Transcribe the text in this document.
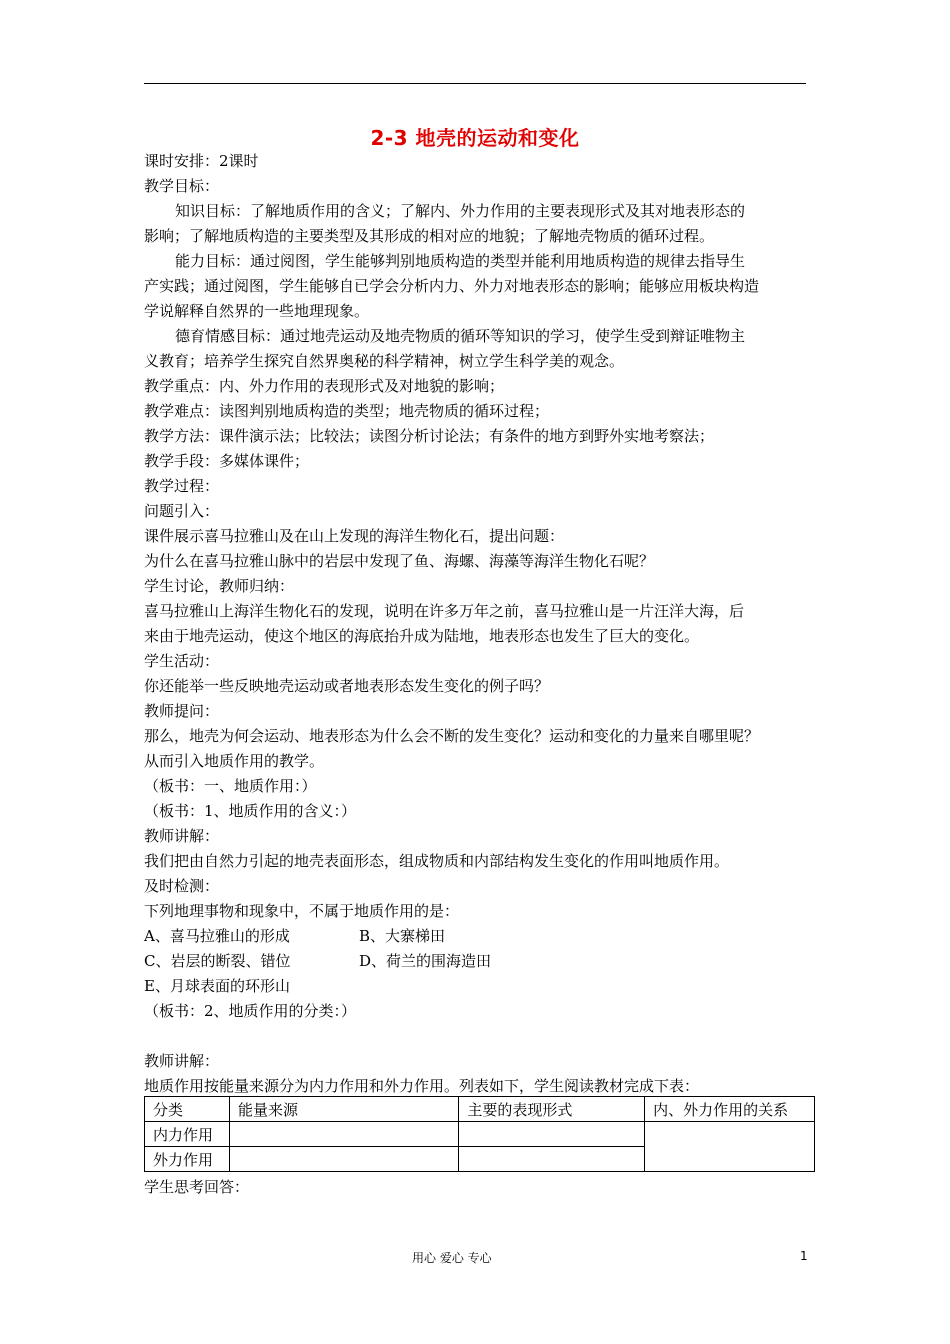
2-3 地壳的运动和变化

课时安排：2课时

教学目标：

知识目标：了解地质作用的含义；了解内、外力作用的主要表现形式及其对地表形态的

影响；了解地质构造的主要类型及其形成的相对应的地貌；了解地壳物质的循环过程。

能力目标：通过阅图，学生能够判别地质构造的类型并能利用地质构造的规律去指导生

产实践；通过阅图，学生能够自已学会分析内力、外力对地表形态的影响；能够应用板块构造

学说解释自然界的一些地理现象。

德育情感目标：通过地壳运动及地壳物质的循环等知识的学习，使学生受到辩证唯物主

义教育；培养学生探究自然界奥秘的科学精神，树立学生科学美的观念。

教学重点：内、外力作用的表现形式及对地貌的影响；

教学难点：读图判别地质构造的类型；地壳物质的循环过程；

教学方法：课件演示法；比较法；读图分析讨论法；有条件的地方到野外实地考察法；

教学手段：多媒体课件；

教学过程：

问题引入：

课件展示喜马拉雅山及在山上发现的海洋生物化石，提出问题：

为什么在喜马拉雅山脉中的岩层中发现了鱼、海螺、海藻等海洋生物化石呢？

学生讨论，教师归纳：

喜马拉雅山上海洋生物化石的发现，说明在许多万年之前，喜马拉雅山是一片汪洋大海，后

来由于地壳运动，使这个地区的海底抬升成为陆地，地表形态也发生了巨大的变化。

学生活动：

你还能举一些反映地壳运动或者地表形态发生变化的例子吗？

教师提问：

那么，地壳为何会运动、地表形态为什么会不断的发生变化？运动和变化的力量来自哪里呢？

从而引入地质作用的教学。

（板书：一、地质作用：）

（板书：1、地质作用的含义：）

教师讲解：

我们把由自然力引起的地壳表面形态，组成物质和内部结构发生变化的作用叫地质作用。

及时检测：

下列地理事物和现象中，不属于地质作用的是：

A、喜马拉雅山的形成	B、大寨梯田

C、岩层的断裂、错位	D、荷兰的围海造田

E、月球表面的环形山

（板书：2、地质作用的分类：）

教师讲解：

地质作用按能量来源分为内力作用和外力作用。列表如下，学生阅读教材完成下表：

分类	能量来源	主要的表现形式	内、外力作用的关系
内力作用			
外力作用			
学生思考回答：
用心 爱心 专心	1
